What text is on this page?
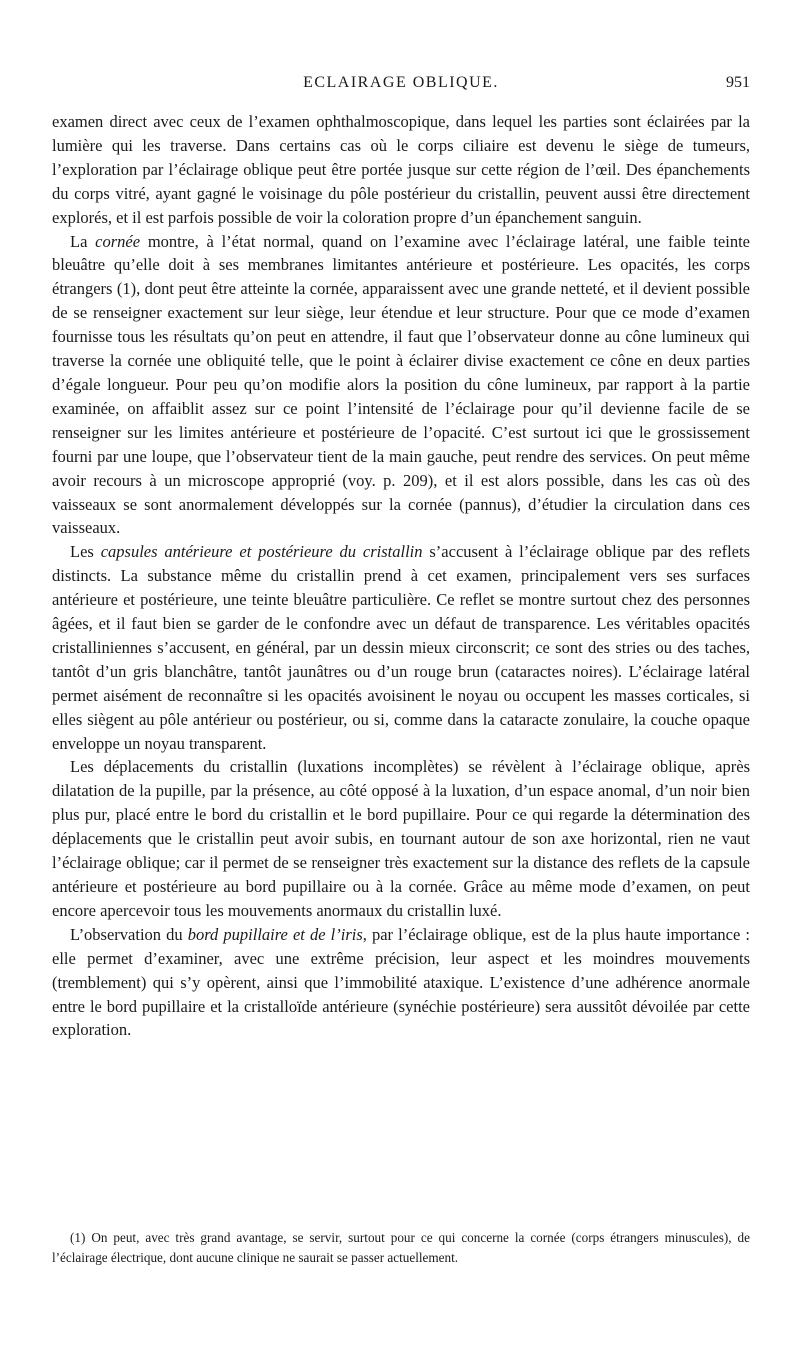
ECLAIRAGE OBLIQUE.	951

examen direct avec ceux de l’examen ophthalmoscopique, dans lequel les parties sont éclairées par la lumière qui les traverse. Dans certains cas où le corps ciliaire est devenu le siège de tumeurs, l’exploration par l’éclairage oblique peut être portée jusque sur cette région de l’œil. Des épanchements du corps vitré, ayant gagné le voisinage du pôle postérieur du cristallin, peuvent aussi être directement explorés, et il est parfois possible de voir la coloration propre d’un épanchement sanguin.

La cornée montre, à l’état normal, quand on l’examine avec l’éclairage latéral, une faible teinte bleuâtre qu’elle doit à ses membranes limitantes antérieure et postérieure. Les opacités, les corps étrangers (1), dont peut être atteinte la cornée, apparaissent avec une grande netteté, et il devient possible de se renseigner exactement sur leur siège, leur étendue et leur structure. Pour que ce mode d’examen fournisse tous les résultats qu’on peut en attendre, il faut que l’observateur donne au cône lumineux qui traverse la cornée une obliquité telle, que le point à éclairer divise exactement ce cône en deux parties d’égale longueur. Pour peu qu’on modifie alors la position du cône lumineux, par rapport à la partie examinée, on affaiblit assez sur ce point l’intensité de l’éclairage pour qu’il devienne facile de se renseigner sur les limites antérieure et postérieure de l’opacité. C’est surtout ici que le grossissement fourni par une loupe, que l’observateur tient de la main gauche, peut rendre des services. On peut même avoir recours à un microscope approprié (voy. p. 209), et il est alors possible, dans les cas où des vaisseaux se sont anormalement développés sur la cornée (pannus), d’étudier la circulation dans ces vaisseaux.

Les capsules antérieure et postérieure du cristallin s’accusent à l’éclairage oblique par des reflets distincts. La substance même du cristallin prend à cet examen, principalement vers ses surfaces antérieure et postérieure, une teinte bleuâtre particulière. Ce reflet se montre surtout chez des personnes âgées, et il faut bien se garder de le confondre avec un défaut de transparence. Les véritables opacités cristalliniennes s’accusent, en général, par un dessin mieux circonscrit; ce sont des stries ou des taches, tantôt d’un gris blanchâtre, tantôt jaunâtres ou d’un rouge brun (cataractes noires). L’éclairage latéral permet aisément de reconnaître si les opacités avoisinent le noyau ou occupent les masses corticales, si elles siègent au pôle antérieur ou postérieur, ou si, comme dans la cataracte zonulaire, la couche opaque enveloppe un noyau transparent.

Les déplacements du cristallin (luxations incomplètes) se révèlent à l’éclairage oblique, après dilatation de la pupille, par la présence, au côté opposé à la luxation, d’un espace anomal, d’un noir bien plus pur, placé entre le bord du cristallin et le bord pupillaire. Pour ce qui regarde la détermination des déplacements que le cristallin peut avoir subis, en tournant autour de son axe horizontal, rien ne vaut l’éclairage oblique; car il permet de se renseigner très exactement sur la distance des reflets de la capsule antérieure et postérieure au bord pupillaire ou à la cornée. Grâce au même mode d’examen, on peut encore apercevoir tous les mouvements anormaux du cristallin luxé.

L’observation du bord pupillaire et de l’iris, par l’éclairage oblique, est de la plus haute importance : elle permet d’examiner, avec une extrême précision, leur aspect et les moindres mouvements (tremblement) qui s’y opèrent, ainsi que l’immobilité ataxique. L’existence d’une adhérence anormale entre le bord pupillaire et la cristalloïde antérieure (synéchie postérieure) sera aussitôt dévoilée par cette exploration.

(1) On peut, avec très grand avantage, se servir, surtout pour ce qui concerne la cornée (corps étrangers minuscules), de l’éclairage électrique, dont aucune clinique ne saurait se passer actuellement.
